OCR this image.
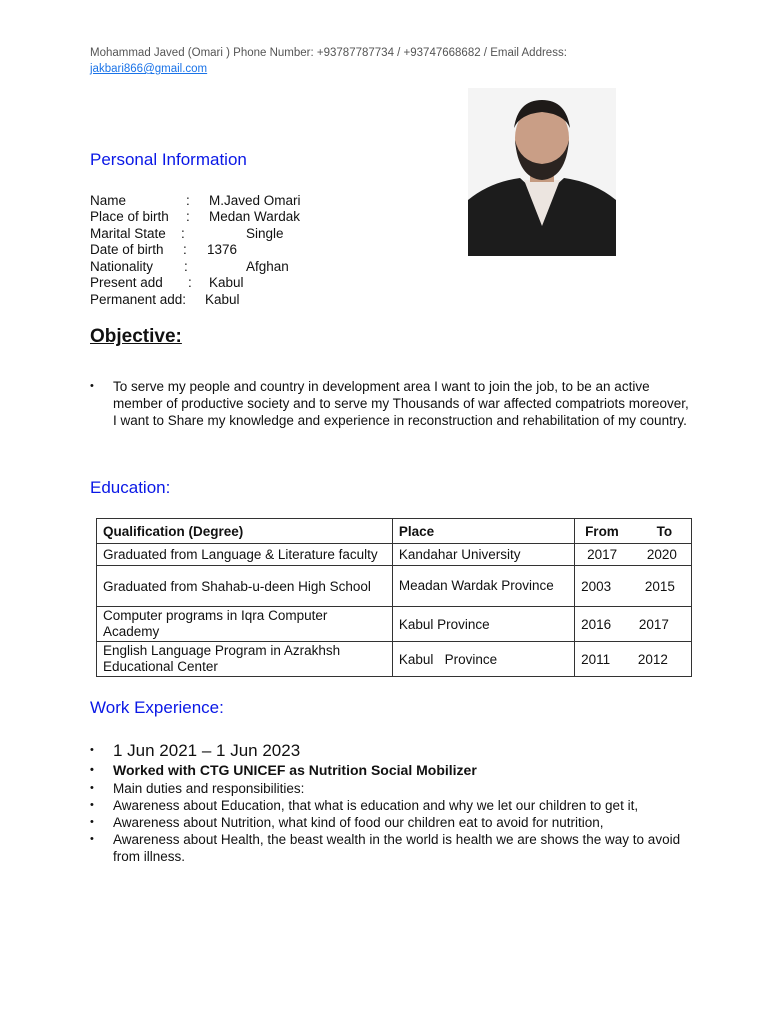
Mohammad Javed (Omari ) Phone Number: +93787787734 / +93747668682 / Email Address:
jakbari866@gmail.com
Personal Information
Name	: M.Javed Omari
Place of birth : Medan Wardak
Marital State :	Single
Date of birth : 1376
Nationality :	Afghan
Present add : Kabul
Permanent add: Kabul
Objective:
• To serve my people and country in development area I want to join the job, to be an active member of productive society and to serve my Thousands of war affected compatriots moreover, I want to Share my knowledge and experience in reconstruction and rehabilitation of my country.
Education:
Qualification (Degree)	Place	From To
Graduated from Language & Literature faculty	Kandahar University	2017 2020
Graduated from Shahab-u-deen High School	Meadan Wardak Province	2003 2015
Computer programs in Iqra Computer Academy	Kabul Province	2016 2017
English Language Program in Azrakhsh Educational Center	Kabul   Province	2011 2012
Work Experience:
• 1 Jun 2021 – 1 Jun 2023
• Worked with CTG UNICEF as Nutrition Social Mobilizer
• Main duties and responsibilities:
• Awareness about Education, that what is education and why we let our children to get it,
• Awareness about Nutrition, what kind of food our children eat to avoid for nutrition,
• Awareness about Health, the beast wealth in the world is health we are shows the way to avoid from illness.
